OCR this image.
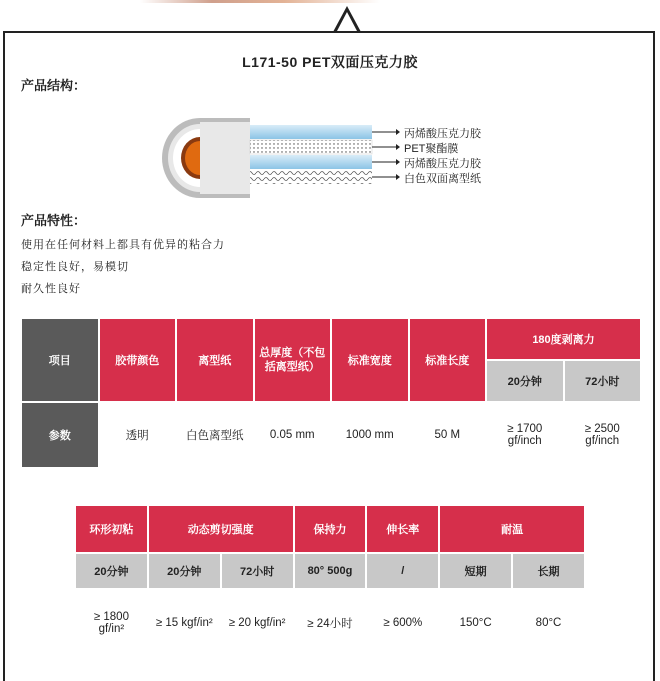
L171-50 PET双面压克力胶
产品结构：
丙烯酸压克力胶
PET聚酯膜
丙烯酸压克力胶
白色双面离型纸
产品特性：
使用在任何材料上都具有优异的粘合力
稳定性良好，易模切
耐久性良好
项目	胶带颜色	离型纸	总厚度（不包括离型纸）	标准宽度	标准长度	180度剥离力	
						20分钟	72小时
参数	透明	白色离型纸	0.05 mm	1000 mm	50 M	≥ 1700 gf/inch	≥ 2500 gf/inch
环形初粘	动态剪切强度		保持力	伸长率	耐温	
20分钟	20分钟	72小时	80° 500g	/	短期	长期
≥ 1800 gf/in²	≥ 15 kgf/in²	≥ 20 kgf/in²	≥ 24小时	≥ 600%	150°C	80°C
